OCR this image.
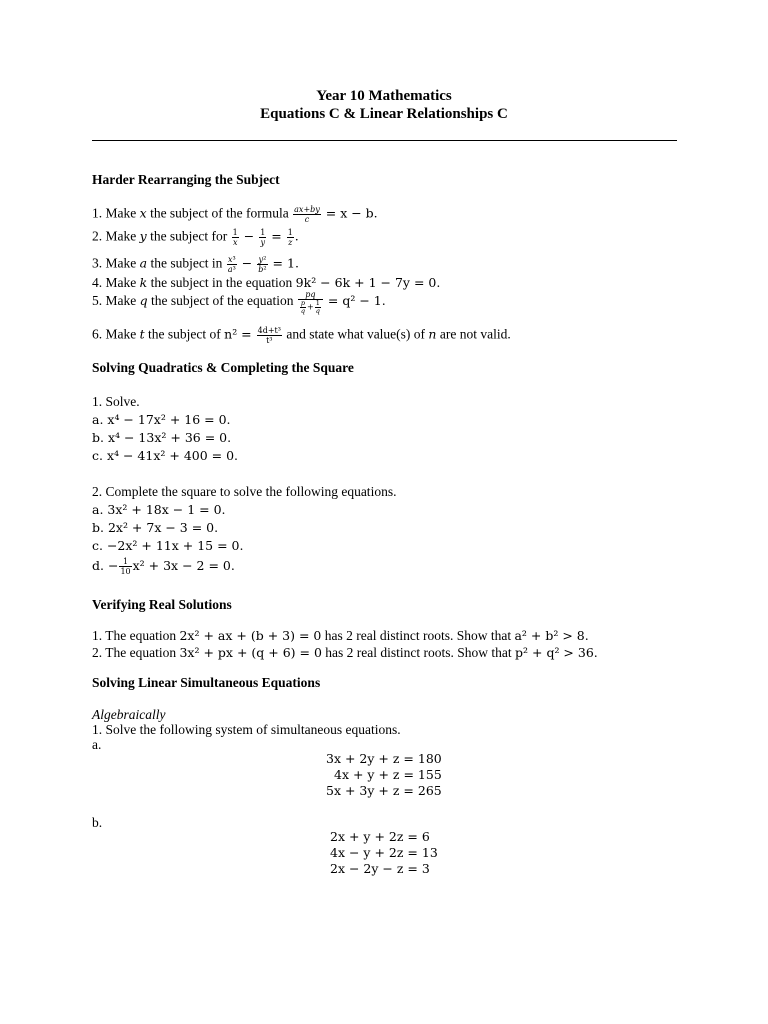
Year 10 Mathematics
Equations C & Linear Relationships C
Harder Rearranging the Subject
1. Make x the subject of the formula $\frac{ax+by}{c} = x - b$.
2. Make y the subject for $\frac{1}{x} - \frac{1}{y} = \frac{1}{z}$ .
3. Make a the subject in $\frac{\text{x³}}{\text{a³}} - \frac{\text{y²}}{\text{b²}} = 1$.
4. Make k the subject in the equation 9k² − 6k + 1 − 7y = 0.
5. Make q the subject of the equation $\frac{pq}{\frac{p}{q} + \frac{1}{q}} = q^2 - 1$.
6. Make t the subject of $n^2 = \frac{\text{4d+t³}}{\text{t³}}$ and state what value(s) of n are not valid.
Solving Quadratics & Completing the Square
1. Solve.
a. x⁴ − 17x² + 16 = 0.
b. x⁴ − 13x² + 36 = 0.
c. x⁴ − 41x² + 400 = 0.
2. Complete the square to solve the following equations.
a. 3x² + 18x − 1 = 0.
b. 2x² + 7x − 3 = 0.
c. −2x² + 11x + 15 = 0.
d. − $\frac{1}{10} x^2 + 3x - 2 = 0$.
Verifying Real Solutions
1. The equation 2x² + ax + (b + 3) = 0 has 2 real distinct roots. Show that a² + b² > 8.
2. The equation 3x² + px + (q + 6) = 0 has 2 real distinct roots. Show that p² + q² > 36.
Solving Linear Simultaneous Equations
Algebraically
1. Solve the following system of simultaneous equations.
a.
3x + 2y + z = 180
4x + y + z = 155
5x + 3y + z = 265
b.
2x + y + 2z = 6
4x − y + 2z = 13
2x − 2y − z = 3
